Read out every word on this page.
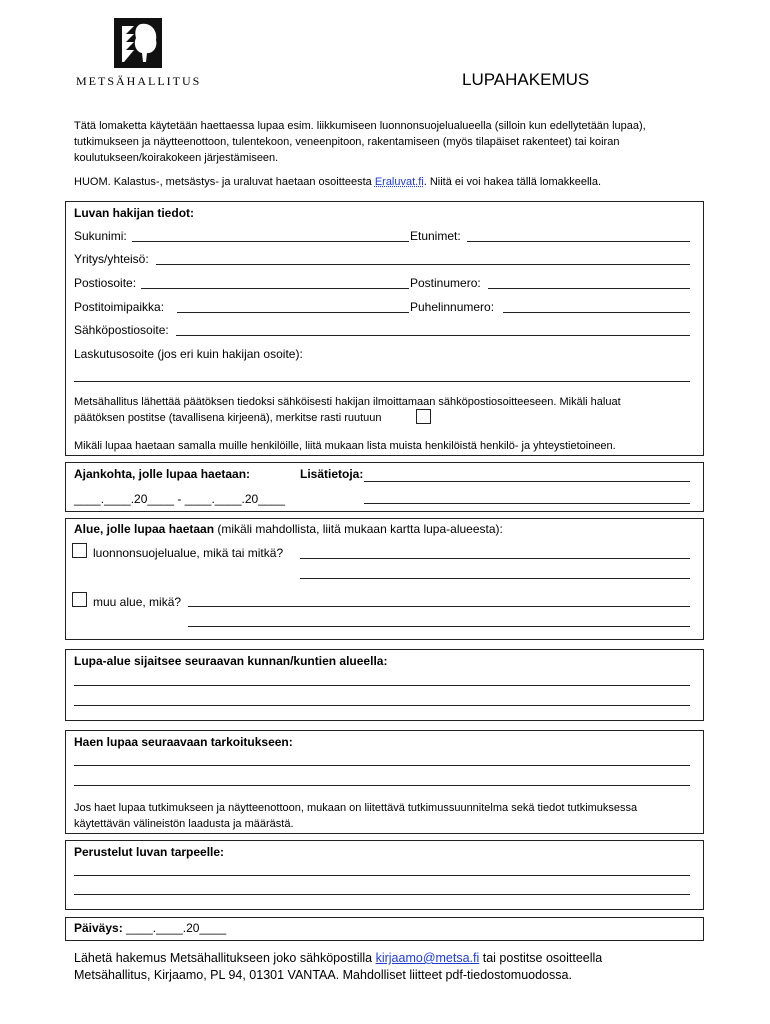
METSÄHALLITUS	LUPAHAKEMUS
Tätä lomaketta käytetään haettaessa lupaa esim. liikkumiseen luonnonsuojelualueella (silloin kun edellytetään lupaa),
tutkimukseen ja näytteenottoon, tulentekoon, veneenpitoon, rakentamiseen (myös tilapäiset rakenteet) tai koiran
koulutukseen/koirakokeen järjestämiseen.
HUOM. Kalastus-, metsästys- ja uraluvat haetaan osoitteesta Eraluvat.fi. Niitä ei voi hakea tällä lomakkeella.
Luvan hakijan tiedot:
Sukunimi:	Etunimet:
Yritys/yhteisö:
Postiosoite:	Postinumero:
Postitoimipaikka:	Puhelinnumero:
Sähköpostiosoite:
Laskutusosoite (jos eri kuin hakijan osoite):
Metsähallitus lähettää päätöksen tiedoksi sähköisesti hakijan ilmoittamaan sähköpostiosoitteeseen. Mikäli haluat
päätöksen postitse (tavallisena kirjeenä), merkitse rasti ruutuun
Mikäli lupaa haetaan samalla muille henkilöille, liitä mukaan lista muista henkilöistä henkilö- ja yhteystietoineen.
Ajankohta, jolle lupaa haetaan:	Lisätietoja:
____.____.20____ - ____.____.20____
Alue, jolle lupaa haetaan (mikäli mahdollista, liitä mukaan kartta lupa-alueesta):
luonnonsuojelualue, mikä tai mitkä?
muu alue, mikä?
Lupa-alue sijaitsee seuraavan kunnan/kuntien alueella:
Haen lupaa seuraavaan tarkoitukseen:
Jos haet lupaa tutkimukseen ja näytteenottoon, mukaan on liitettävä tutkimussuunnitelma sekä tiedot tutkimuksessa
käytettävän välineistön laadusta ja määrästä.
Perustelut luvan tarpeelle:
Päiväys: ____.____.20____
Lähetä hakemus Metsähallitukseen joko sähköpostilla kirjaamo@metsa.fi tai postitse osoitteella
Metsähallitus, Kirjaamo, PL 94, 01301 VANTAA. Mahdolliset liitteet pdf-tiedostomuodossa.
